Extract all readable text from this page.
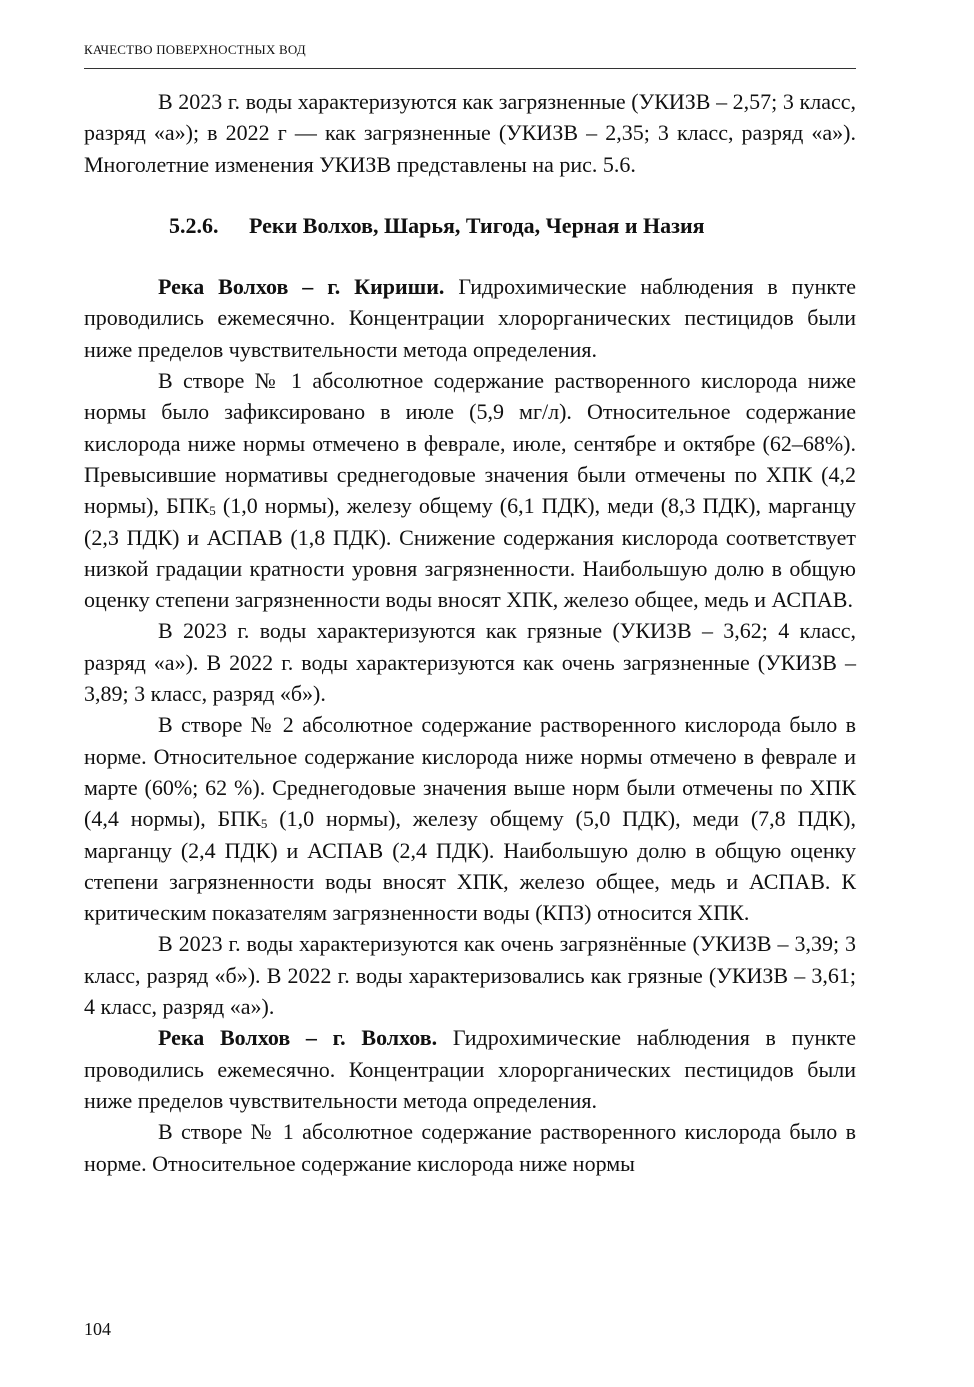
КАЧЕСТВО ПОВЕРХНОСТНЫХ ВОД

В 2023 г. воды характеризуются как загрязненные (УКИЗВ – 2,57; 3 класс, разряд «а»); в 2022 г — как загрязненные (УКИЗВ – 2,35; 3 класс, разряд «а»). Многолетние изменения УКИЗВ представлены на рис. 5.6.

5.2.6. Реки Волхов, Шарья, Тигода, Черная и Назия

Река Волхов – г. Кириши. Гидрохимические наблюдения в пункте проводились ежемесячно. Концентрации хлорорганических пестицидов были ниже пределов чувствительности метода определения.

В створе № 1 абсолютное содержание растворенного кислорода ниже нормы было зафиксировано в июле (5,9 мг/л). Относительное содержание кислорода ниже нормы отмечено в феврале, июле, сентябре и октябре (62–68%). Превысившие нормативы среднегодовые значения были отмечены по ХПК (4,2 нормы), БПК5 (1,0 нормы), железу общему (6,1 ПДК), меди (8,3 ПДК), марганцу (2,3 ПДК) и АСПАВ (1,8 ПДК). Снижение содержания кислорода соответствует низкой градации кратности уровня загрязненности. Наибольшую долю в общую оценку степени загрязненности воды вносят ХПК, железо общее, медь и АСПАВ.

В 2023 г. воды характеризуются как грязные (УКИЗВ – 3,62; 4 класс, разряд «а»). В 2022 г. воды характеризуются как очень загрязненные (УКИЗВ – 3,89; 3 класс, разряд «б»).

В створе № 2 абсолютное содержание растворенного кислорода было в норме. Относительное содержание кислорода ниже нормы отмечено в феврале и марте (60%; 62 %). Среднегодовые значения выше норм были отмечены по ХПК (4,4 нормы), БПК5 (1,0 нормы), железу общему (5,0 ПДК), меди (7,8 ПДК), марганцу (2,4 ПДК) и АСПАВ (2,4 ПДК). Наибольшую долю в общую оценку степени загрязненности воды вносят ХПК, железо общее, медь и АСПАВ. К критическим показателям загрязненности воды (КПЗ) относится ХПК.

В 2023 г. воды характеризуются как очень загрязнённые (УКИЗВ – 3,39; 3 класс, разряд «б»). В 2022 г. воды характеризовались как грязные (УКИЗВ – 3,61; 4 класс, разряд «а»).

Река Волхов – г. Волхов. Гидрохимические наблюдения в пункте проводились ежемесячно. Концентрации хлорорганических пестицидов были ниже пределов чувствительности метода определения.

В створе № 1 абсолютное содержание растворенного кислорода было в норме. Относительное содержание кислорода ниже нормы

104
